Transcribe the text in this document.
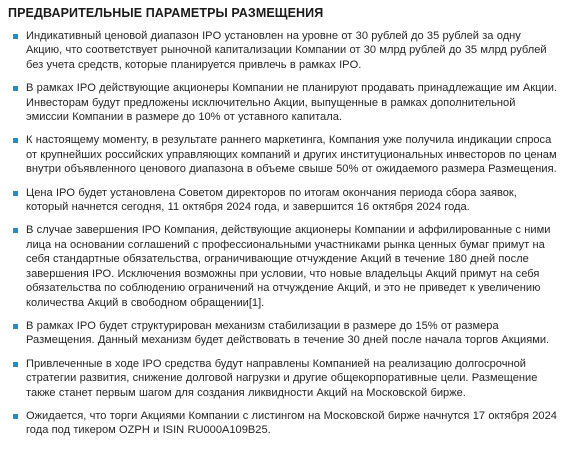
ПРЕДВАРИТЕЛЬНЫЕ ПАРАМЕТРЫ РАЗМЕЩЕНИЯ
Индикативный ценовой диапазон IPO установлен на уровне от 30 рублей до 35 рублей за одну Акцию, что соответствует рыночной капитализации Компании от 30 млрд рублей до 35 млрд рублей без учета средств, которые планируется привлечь в рамках IPO.
В рамках IPO действующие акционеры Компании не планируют продавать принадлежащие им Акции. Инвесторам будут предложены исключительно Акции, выпущенные в рамках дополнительной эмиссии Компании в размере до 10% от уставного капитала.
К настоящему моменту, в результате раннего маркетинга, Компания уже получила индикации спроса от крупнейших российских управляющих компаний и других институциональных инвесторов по ценам внутри объявленного ценового диапазона в объеме свыше 50% от ожидаемого размера Размещения.
Цена IPO будет установлена Советом директоров по итогам окончания периода сбора заявок, который начнется сегодня, 11 октября 2024 года, и завершится 16 октября 2024 года.
В случае завершения IPO Компания, действующие акционеры Компании и аффилированные с ними лица на основании соглашений с профессиональными участниками рынка ценных бумаг примут на себя стандартные обязательства, ограничивающие отчуждение Акций в течение 180 дней после завершения IPO. Исключения возможны при условии, что новые владельцы Акций примут на себя обязательства по соблюдению ограничений на отчуждение Акций, и это не приведет к увеличению количества Акций в свободном обращении[1].
В рамках IPO будет структурирован механизм стабилизации в размере до 15% от размера Размещения. Данный механизм будет действовать в течение 30 дней после начала торгов Акциями.
Привлеченные в ходе IPO средства будут направлены Компанией на реализацию долгосрочной стратегии развития, снижение долговой нагрузки и другие общекорпоративные цели. Размещение также станет первым шагом для создания ликвидности Акций на Московской бирже.
Ожидается, что торги Акциями Компании с листингом на Московской бирже начнутся 17 октября 2024 года под тикером OZPH и ISIN RU000A109B25.
